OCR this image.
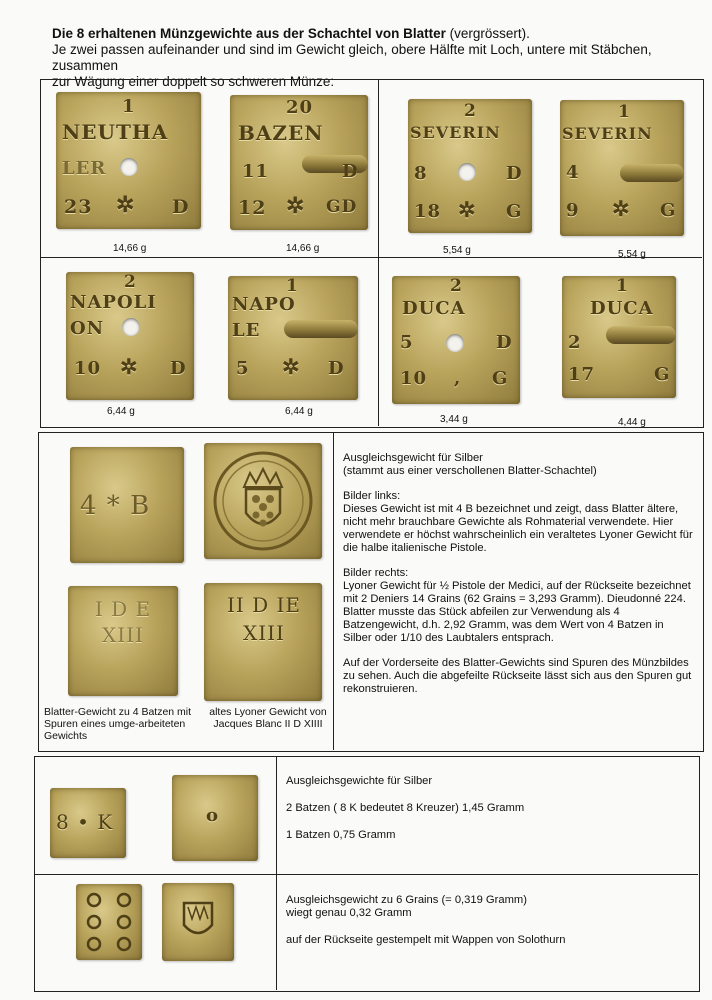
Die 8 erhaltenen Münzgewichte aus der Schachtel von Blatter (vergrössert).
Je zwei passen aufeinander und sind im Gewicht gleich, obere Hälfte mit Loch, untere mit Stäbchen, zusammen
zur Wägung einer doppelt so schweren Münze:
1
NEUTHA
LER
23 ✲ D
14,66 g
20
BAZEN
11	D
12 ✲ GD
14,66 g
2
SEVERIN
8	D
18 ✲ G
5,54 g
1
SEVERIN
4
9 ✲ G
5,54 g
2
NAPOLI
ON
10 ✲ D
6,44 g
1
NAPO
LE
5 ✲ D
6,44 g
2
DUCA
5	D
10 , G
3,44 g
1
DUCA
2
17	G
4,44 g
4 * B
I D E XIII
II D IE XIII
Blatter-Gewicht zu 4 Batzen mit Spuren eines umge-arbeiteten Gewichts
altes Lyoner Gewicht von Jacques Blanc II D XIIII

Ausgleichsgewicht für Silber
(stammt aus einer verschollenen Blatter-Schachtel)

Bilder links:
Dieses Gewicht ist mit 4 B bezeichnet und zeigt, dass Blatter ältere, nicht mehr brauchbare Gewichte als Rohmaterial verwendete. Hier verwendete er höchst wahrscheinlich ein veraltetes Lyoner Gewicht für die halbe italienische Pistole.

Bilder rechts:
Lyoner Gewicht für ½ Pistole der Medici, auf der Rückseite bezeichnet mit 2 Deniers 14 Grains (62 Grains = 3,293 Gramm). Dieudonné 224.

Blatter musste das Stück abfeilen zur Verwendung als 4 Batzengewicht, d.h. 2,92 Gramm, was dem Wert von 4 Batzen in Silber oder 1/10 des Laubtalers entsprach.

Auf der Vorderseite des Blatter-Gewichts sind Spuren des Münzbildes zu sehen. Auch die abgefeilte Rückseite lässt sich aus den Spuren gut rekonstruieren.

8 • K	o
Ausgleichsgewichte für Silber
2 Batzen ( 8 K bedeutet 8 Kreuzer) 1,45 Gramm
1 Batzen 0,75 Gramm
Ausgleichsgewicht zu 6 Grains (= 0,319 Gramm)
wiegt genau 0,32 Gramm
auf der Rückseite gestempelt mit Wappen von Solothurn
